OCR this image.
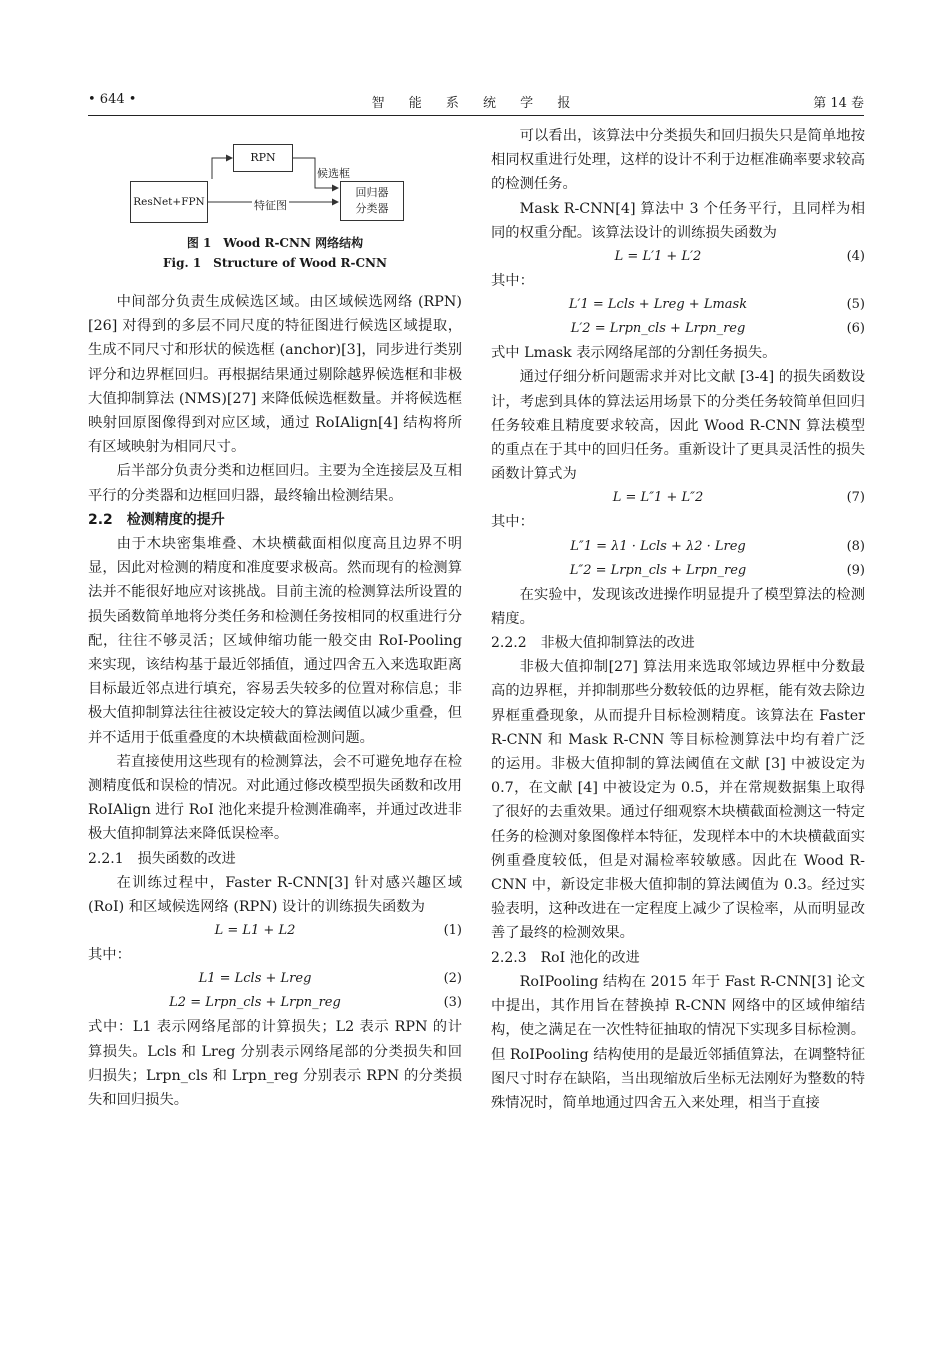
• 644 •	智 能 系 统 学 报	第 14 卷
RPN
ResNet+FPN
回归器
分类器
特征图
候选框
图 1　Wood R-CNN 网络结构
Fig. 1　Structure of Wood R-CNN

中间部分负责生成候选区域。由区域候选网络 (RPN)[26] 对得到的多层不同尺度的特征图进行候选区域提取，生成不同尺寸和形状的候选框 (anchor)[3]，同步进行类别评分和边界框回归。再根据结果通过剔除越界候选框和非极大值抑制算法 (NMS)[27] 来降低候选框数量。并将候选框映射回原图像得到对应区域，通过 RoIAlign[4] 结构将所有区域映射为相同尺寸。

后半部分负责分类和边框回归。主要为全连接层及互相平行的分类器和边框回归器，最终输出检测结果。

2.2　检测精度的提升

由于木块密集堆叠、木块横截面相似度高且边界不明显，因此对检测的精度和准度要求极高。然而现有的检测算法并不能很好地应对该挑战。目前主流的检测算法所设置的损失函数简单地将分类任务和检测任务按相同的权重进行分配，往往不够灵活；区域伸缩功能一般交由 RoI-Pooling 来实现，该结构基于最近邻插值，通过四舍五入来选取距离目标最近邻点进行填充，容易丢失较多的位置对称信息；非极大值抑制算法往往被设定较大的算法阈值以减少重叠，但并不适用于低重叠度的木块横截面检测问题。

若直接使用这些现有的检测算法，会不可避免地存在检测精度低和误检的情况。对此通过修改模型损失函数和改用 RoIAlign 进行 RoI 池化来提升检测准确率，并通过改进非极大值抑制算法来降低误检率。

2.2.1　损失函数的改进

在训练过程中，Faster R-CNN[3] 针对感兴趣区域 (RoI) 和区域候选网络 (RPN) 设计的训练损失函数为

L = L1 + L2	(1)

其中：

L1 = Lcls + Lreg	(2)
L2 = Lrpn_cls + Lrpn_reg	(3)

式中：L1 表示网络尾部的计算损失；L2 表示 RPN 的计算损失。Lcls 和 Lreg 分别表示网络尾部的分类损失和回归损失；Lrpn_cls 和 Lrpn_reg 分别表示 RPN 的分类损失和回归损失。

可以看出，该算法中分类损失和回归损失只是简单地按相同权重进行处理，这样的设计不利于边框准确率要求较高的检测任务。

Mask R-CNN[4] 算法中 3 个任务平行，且同样为相同的权重分配。该算法设计的训练损失函数为

L = L′1 + L′2	(4)

其中：

L′1 = Lcls + Lreg + Lmask	(5)
L′2 = Lrpn_cls + Lrpn_reg	(6)

式中 Lmask 表示网络尾部的分割任务损失。

通过仔细分析问题需求并对比文献 [3-4] 的损失函数设计，考虑到具体的算法运用场景下的分类任务较简单但回归任务较难且精度要求较高，因此 Wood R-CNN 算法模型的重点在于其中的回归任务。重新设计了更具灵活性的损失函数计算式为

L = L″1 + L″2	(7)

其中：

L″1 = λ1 · Lcls + λ2 · Lreg	(8)
L″2 = Lrpn_cls + Lrpn_reg	(9)

在实验中，发现该改进操作明显提升了模型算法的检测精度。

2.2.2　非极大值抑制算法的改进

非极大值抑制[27] 算法用来选取邻域边界框中分数最高的边界框，并抑制那些分数较低的边界框，能有效去除边界框重叠现象，从而提升目标检测精度。该算法在 Faster R-CNN 和 Mask R-CNN 等目标检测算法中均有着广泛的运用。非极大值抑制的算法阈值在文献 [3] 中被设定为 0.7，在文献 [4] 中被设定为 0.5，并在常规数据集上取得了很好的去重效果。通过仔细观察木块横截面检测这一特定任务的检测对象图像样本特征，发现样本中的木块横截面实例重叠度较低，但是对漏检率较敏感。因此在 Wood R-CNN 中，新设定非极大值抑制的算法阈值为 0.3。经过实验表明，这种改进在一定程度上减少了误检率，从而明显改善了最终的检测效果。

2.2.3　RoI 池化的改进

RoIPooling 结构在 2015 年于 Fast R-CNN[3] 论文中提出，其作用旨在替换掉 R-CNN 网络中的区域伸缩结构，使之满足在一次性特征抽取的情况下实现多目标检测。但 RoIPooling 结构使用的是最近邻插值算法，在调整特征图尺寸时存在缺陷，当出现缩放后坐标无法刚好为整数的特殊情况时，简单地通过四舍五入来处理，相当于直接
